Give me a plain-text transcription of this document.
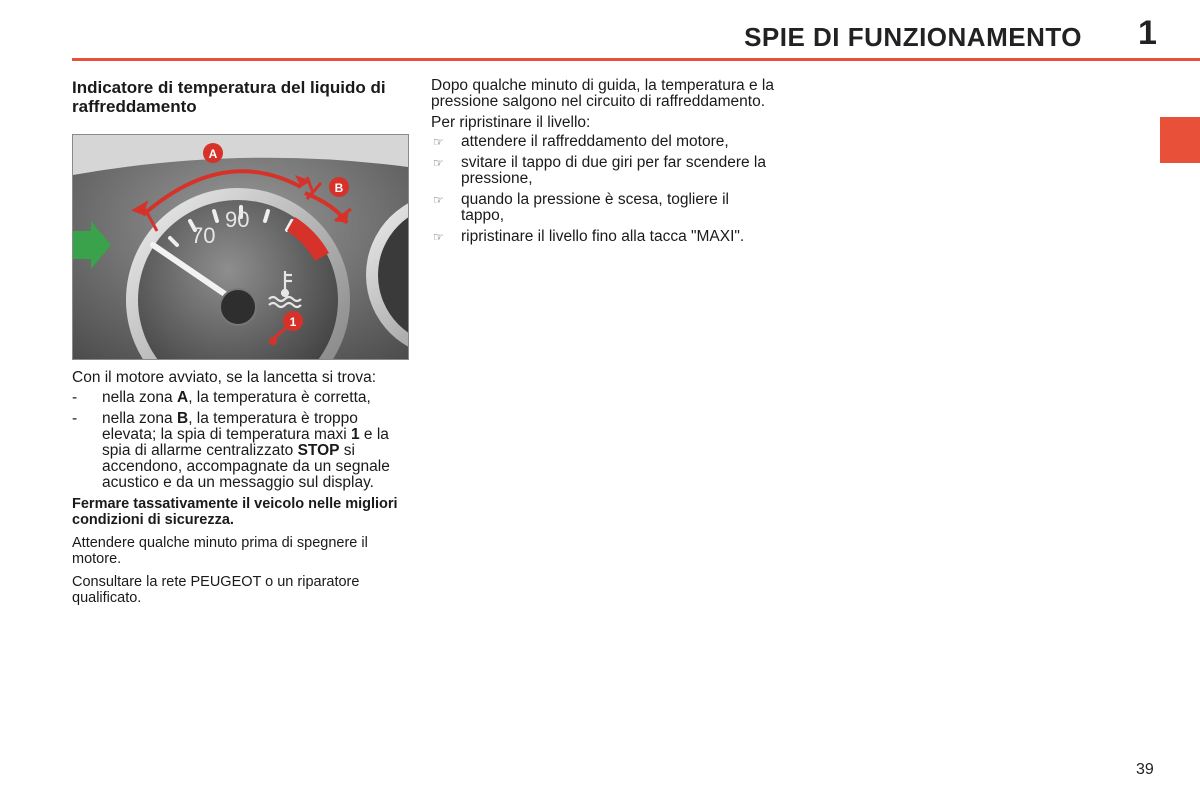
SPIE DI FUNZIONAMENTO 1
Indicatore di temperatura del liquido di raffreddamento
70
90
A
B
1

Con il motore avviato, se la lancetta si trova:

- nella zona A, la temperatura è corretta,
- nella zona B, la temperatura è troppo elevata; la spia di temperatura maxi 1 e la spia di allarme centralizzato STOP si accendono, accompagnate da un segnale acustico e da un messaggio sul display.

Fermare tassativamente il veicolo nelle migliori condizioni di sicurezza.

Attendere qualche minuto prima di spegnere il motore.

Consultare la rete PEUGEOT o un riparatore qualificato.

Dopo qualche minuto di guida, la temperatura e la pressione salgono nel circuito di raffreddamento.

Per ripristinare il livello:

☞ attendere il raffreddamento del motore,
☞ svitare il tappo di due giri per far scendere la pressione,
☞ quando la pressione è scesa, togliere il tappo,
☞ ripristinare il livello fino alla tacca "MAXI".
39
